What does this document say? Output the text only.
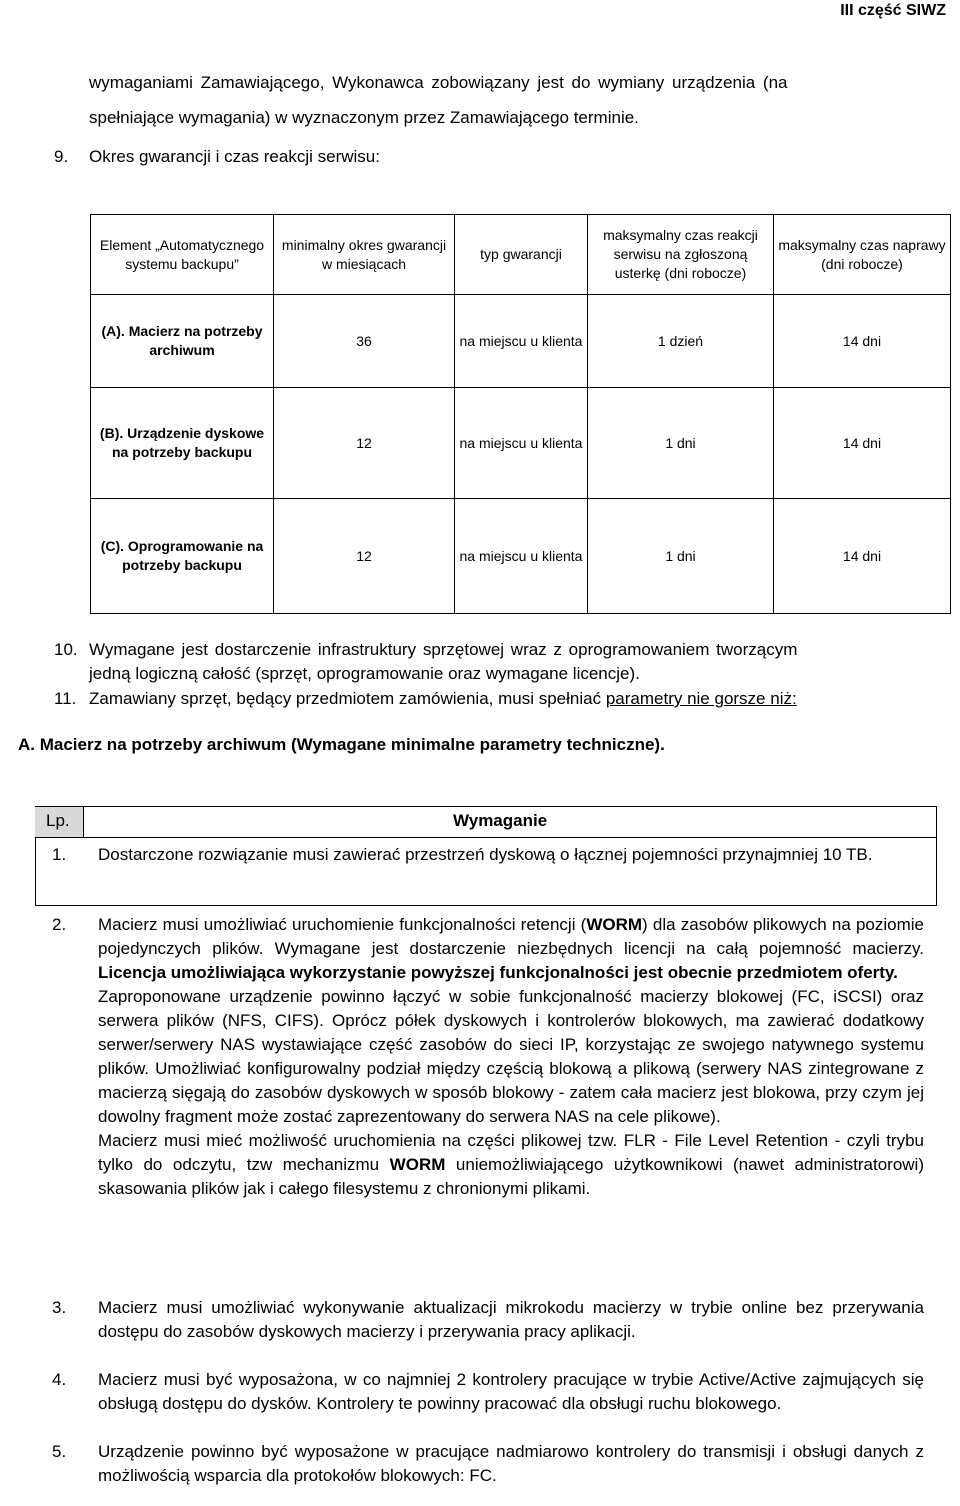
III część SIWZ
wymaganiami Zamawiającego, Wykonawca zobowiązany jest do wymiany urządzenia (na
spełniające wymagania) w wyznaczonym przez Zamawiającego terminie.
9. Okres gwarancji i czas reakcji serwisu:
Element „Automatycznego systemu backupu”	minimalny okres gwarancji w miesiącach	typ gwarancji	maksymalny czas reakcji serwisu na zgłoszoną usterkę (dni robocze)	maksymalny czas naprawy (dni robocze)
(A). Macierz na potrzeby archiwum	36	na miejscu u klienta	1 dzień	14 dni
(B). Urządzenie dyskowe na potrzeby backupu	12	na miejscu u klienta	1 dni	14 dni
(C). Oprogramowanie na potrzeby backupu	12	na miejscu u klienta	1 dni	14 dni
10. Wymagane jest dostarczenie infrastruktury sprzętowej wraz z oprogramowaniem tworzącym
jedną logiczną całość (sprzęt, oprogramowanie oraz wymagane licencje).
11. Zamawiany sprzęt, będący przedmiotem zamówienia, musi spełniać parametry nie gorsze niż:
A. Macierz na potrzeby archiwum (Wymagane minimalne parametry techniczne).
Lp.	Wymaganie
1. Dostarczone rozwiązanie musi zawierać przestrzeń dyskową o łącznej pojemności przynajmniej 10 TB.
2. Macierz musi umożliwiać uruchomienie funkcjonalności retencji (WORM) dla zasobów plikowych na poziomie pojedynczych plików. Wymagane jest dostarczenie niezbędnych licencji na całą pojemność macierzy. Licencja umożliwiająca wykorzystanie powyższej funkcjonalności jest obecnie przedmiotem oferty.
Zaproponowane urządzenie powinno łączyć w sobie funkcjonalność macierzy blokowej (FC, iSCSI) oraz serwera plików (NFS, CIFS). Oprócz półek dyskowych i kontrolerów blokowych, ma zawierać dodatkowy serwer/serwery NAS wystawiające część zasobów do sieci IP, korzystając ze swojego natywnego systemu plików. Umożliwiać konfigurowalny podział między częścią blokową a plikową (serwery NAS zintegrowane z macierzą sięgają do zasobów dyskowych w sposób blokowy - zatem cała macierz jest blokowa, przy czym jej dowolny fragment może zostać zaprezentowany do serwera NAS na cele plikowe).
Macierz musi mieć możliwość uruchomienia na części plikowej tzw. FLR - File Level Retention - czyli trybu tylko do odczytu, tzw mechanizmu WORM uniemożliwiającego użytkownikowi (nawet administratorowi) skasowania plików jak i całego filesystemu z chronionymi plikami.
3. Macierz musi umożliwiać wykonywanie aktualizacji mikrokodu macierzy w trybie online bez przerywania dostępu do zasobów dyskowych macierzy i przerywania pracy aplikacji.
4. Macierz musi być wyposażona, w co najmniej 2 kontrolery pracujące w trybie Active/Active zajmujących się obsługą dostępu do dysków. Kontrolery te powinny pracować dla obsługi ruchu blokowego.
5. Urządzenie powinno być wyposażone w pracujące nadmiarowo kontrolery do transmisji i obsługi danych z możliwością wsparcia dla protokołów blokowych: FC.
